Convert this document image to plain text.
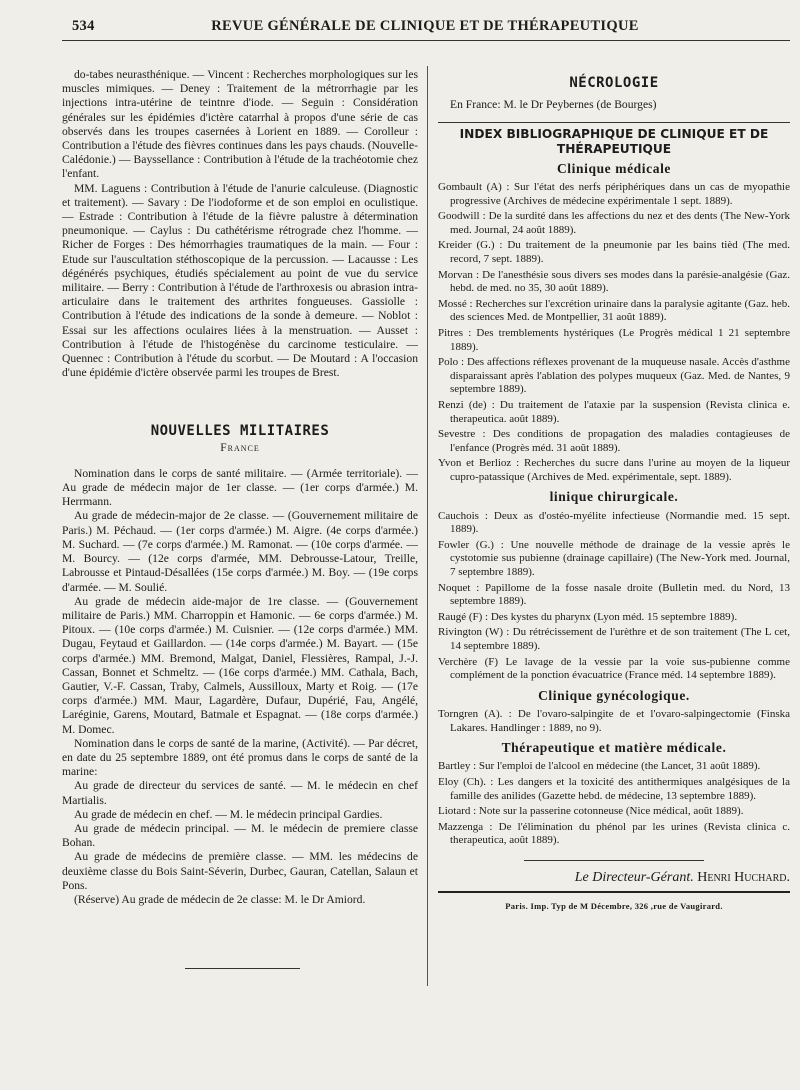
534	REVUE GÉNÉRALE DE CLINIQUE ET DE THÉRAPEUTIQUE

do-tabes neurasthénique. — Vincent : Recherches morphologiques sur les muscles mimiques. — Deney : Traitement de la métrorrhagie par les injections intra-utérine de teintnre d'iode. — Seguin : Considération générales sur les épidémies d'ictère catarrhal à propos d'une série de cas observés dans les troupes casernées à Lorient en 1889. — Corolleur : Contribution a l'étude des fièvres continues dans les pays chauds. (Nouvelle-Calédonie.) — Bayssellance : Contribution à l'étude de la trachéotomie chez l'enfant.

MM. Laguens : Contribution à l'étude de l'anurie calculeuse. (Diagnostic et traitement). — Savary : De l'iodoforme et de son emploi en oculistique. — Estrade : Contribution à l'étude de la fièvre palustre à détermination pneumonique. — Caylus : Du cathétérisme rétrograde chez l'homme. — Richer de Forges : Des hémorrhagies traumatiques de la main. — Four : Etude sur l'auscultation stéthoscopique de la percussion. — Lacausse : Les dégénérés psychiques, étudiés spécialement au point de vue du service militaire. — Berry : Contribution à l'étude de l'arthroxesis ou abrasion intra-articulaire dans le traitement des arthrites fongueuses. Gassiolle : Contribution à l'étude des indications de la sonde à demeure. — Noblot : Essai sur les affections oculaires liées à la menstruation. — Ausset : Contribution à l'étude de l'histogénèse du carcinome testiculaire. — Quennec : Contribution à l'étude du scorbut. — De Moutard : A l'occasion d'une épidémie d'ictère observée parmi les troupes de Brest.

NOUVELLES MILITAIRES
France

Nomination dans le corps de santé militaire. — (Armée territoriale). — Au grade de médecin major de 1er classe. — (1er corps d'armée.) M. Herrmann.

Au grade de médecin-major de 2e classe. — (Gouvernement militaire de Paris.) M. Péchaud. — (1er corps d'armée.) M. Aigre. (4e corps d'armée.) M. Suchard. — (7e corps d'armée.) M. Ramonat. — (10e corps d'armée. — M. Bourcy. — (12e corps d'armée, MM. Debrousse-Latour, Treille, Labrousse et Pintaud-Désallées (15e corps d'armée.) M. Boy. — (19e corps d'armée. — M. Soulié.

Au grade de médecin aide-major de 1re classe. — (Gouvernement militaire de Paris.) MM. Charroppin et Hamonic. — 6e corps d'armée.) M. Pitoux. — (10e corps d'armée.) M. Cuisnier. — (12e corps d'armée.) MM. Dugau, Feytaud et Gaillardon. — (14e corps d'armée.) M. Bayart. — (15e corps d'armée.) MM. Bremond, Malgat, Daniel, Flessières, Rampal, J.-J. Cassan, Bonnet et Schmeltz. — (16e corps d'armée.) MM. Cathala, Bach, Gautier, V.-F. Cassan, Traby, Calmels, Aussilloux, Marty et Roig. — (17e corps d'armée.) MM. Maur, Lagardère, Dufaur, Dupérié, Fau, Angélé, Laréginie, Garens, Moutard, Batmale et Espagnat. — (18e corps d'armée.) M. Domec.

Nomination dans le corps de santé de la marine, (Activité). — Par décret, en date du 25 septembre 1889, ont été promus dans le corps de santé de la marine:

Au grade de directeur du services de santé. — M. le médecin en chef Martialis.

Au grade de médecin en chef. — M. le médecin principal Gardies.

Au grade de médecin principal. — M. le médecin de premiere classe Bohan.

Au grade de médecins de première classe. — MM. les médecins de deuxième classe du Bois Saint-Séverin, Durbec, Gauran, Catellan, Salaun et Pons.

(Réserve) Au grade de médecin de 2e classe: M. le Dr Amiord.

NÉCROLOGIE

En France: M. le Dr Peybernes (de Bourges)

INDEX BIBLIOGRAPHIQUE DE CLINIQUE ET DE THÉRAPEUTIQUE
Clinique médicale

Gombault (A) : Sur l'état des nerfs périphériques dans un cas de myopathie progressive (Archives de médecine expérimentale 1 sept. 1889).

Goodwill : De la surdité dans les affections du nez et des dents (The New-York med. Journal, 24 août 1889).

Kreider (G.) : Du traitement de la pneumonie par les bains tièd (The med. record, 7 sept. 1889).

Morvan : De l'anesthésie sous divers ses modes dans la parésie-analgésie (Gaz. hebd. de med. no 35, 30 août 1889).

Mossé : Recherches sur l'excrétion urinaire dans la paralysie agitante (Gaz. heb. des sciences Med. de Montpellier, 31 août 1889).

Pitres : Des tremblements hystériques (Le Progrès médical 1 21 septembre 1889).

Polo : Des affections réflexes provenant de la muqueuse nasale. Accès d'asthme disparaissant après l'ablation des polypes muqueux (Gaz. Med. de Nantes, 9 septembre 1889).

Renzi (de) : Du traitement de l'ataxie par la suspension (Revista clinica e. therapeutica. août 1889).

Sevestre : Des conditions de propagation des maladies contagieuses de l'enfance (Progrès méd. 31 août 1889).

Yvon et Berlioz : Recherches du sucre dans l'urine au moyen de la liqueur cupro-patassique (Archives de Med. expérimentale, sept. 1889).

linique chirurgicale.

Cauchois : Deux as d'ostéo-myélite infectieuse (Normandie med. 15 sept. 1889).

Fowler (G.) : Une nouvelle méthode de drainage de la vessie après le cystotomie sus pubienne (drainage capillaire) (The New-York med. Journal, 7 septembre 1889).

Noquet : Papillome de la fosse nasale droite (Bulletin med. du Nord, 13 septembre 1889).

Raugé (F) : Des kystes du pharynx (Lyon méd. 15 septembre 1889).

Rivington (W) : Du rétrécissement de l'urèthre et de son traitement (The L cet, 14 septembre 1889).

Verchère (F) Le lavage de la vessie par la voie sus-pubienne comme complément de la ponction évacuatrice (France méd. 14 septembre 1889).

Clinique gynécologique.

Torngren (A). : De l'ovaro-salpingite de et l'ovaro-salpingectomie (Finska Lakares. Handlinger : 1889, no 9).

Thérapeutique et matière médicale.

Bartley : Sur l'emploi de l'alcool en médecine (the Lancet, 31 août 1889).

Eloy (Ch). : Les dangers et la toxicité des antithermiques analgésiques de la famille des anilides (Gazette hebd. de médecine, 13 septembre 1889).

Liotard : Note sur la passerine cotonneuse (Nice médical, août 1889).

Mazzenga : De l'élimination du phénol par les urines (Revista clinica c. therapeutica, août 1889).

Le Directeur-Gérant. Henri Huchard.
Paris. Imp. Typ de M Décembre, 326 ,rue de Vaugirard.
